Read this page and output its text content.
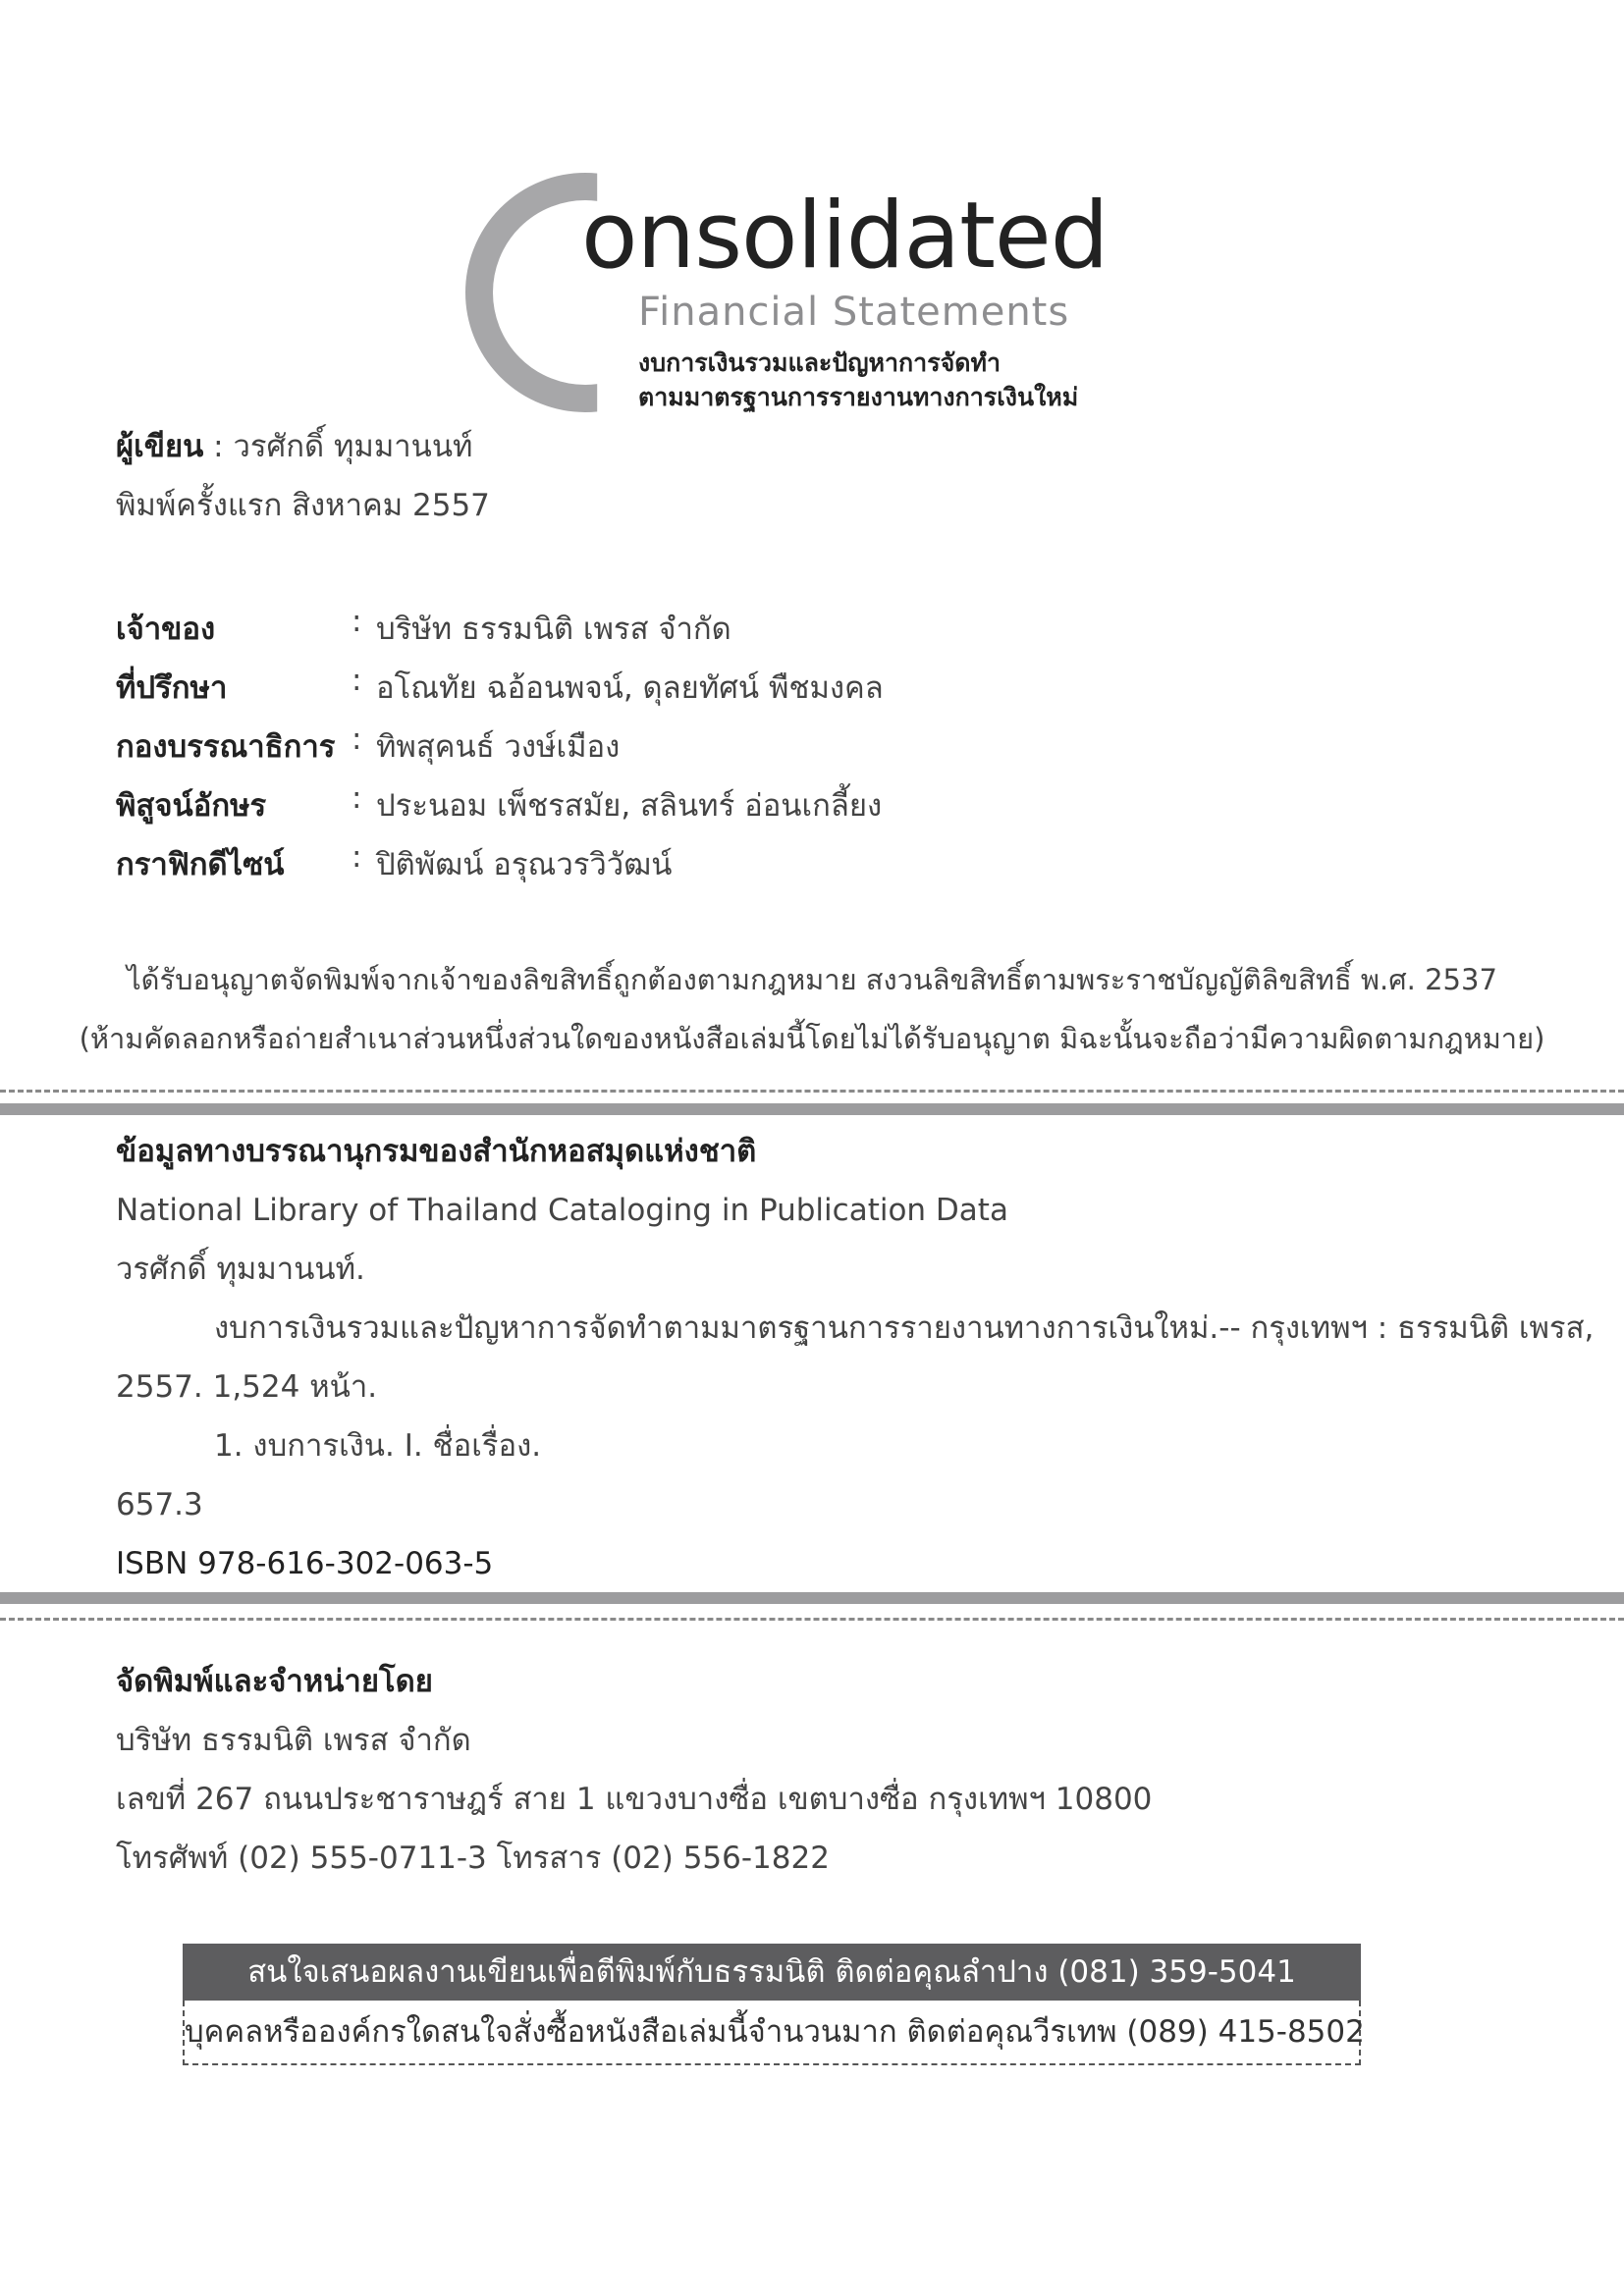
onsolidated
Financial Statements
งบการเงินรวมและปัญหาการจัดทำ
ตามมาตรฐานการรายงานทางการเงินใหม่
ผู้เขียน : วรศักดิ์ ทุมมานนท์
พิมพ์ครั้งแรก สิงหาคม 2557
เจ้าของ	: บริษัท ธรรมนิติ เพรส จำกัด
ที่ปรึกษา	: อโณทัย ฉอ้อนพจน์, ดุลยทัศน์ พืชมงคล
กองบรรณาธิการ : ทิพสุคนธ์ วงษ์เมือง
พิสูจน์อักษร	: ประนอม เพ็ชรสมัย, สลินทร์ อ่อนเกลี้ยง
กราฟิกดีไซน์ : ปิติพัฒน์ อรุณวรวิวัฒน์
ได้รับอนุญาตจัดพิมพ์จากเจ้าของลิขสิทธิ์ถูกต้องตามกฎหมาย สงวนลิขสิทธิ์ตามพระราชบัญญัติลิขสิทธิ์ พ.ศ. 2537
(ห้ามคัดลอกหรือถ่ายสำเนาส่วนหนึ่งส่วนใดของหนังสือเล่มนี้โดยไม่ได้รับอนุญาต มิฉะนั้นจะถือว่ามีความผิดตามกฎหมาย)
ข้อมูลทางบรรณานุกรมของสำนักหอสมุดแห่งชาติ
National Library of Thailand Cataloging in Publication Data
วรศักดิ์ ทุมมานนท์.
งบการเงินรวมและปัญหาการจัดทำตามมาตรฐานการรายงานทางการเงินใหม่.-- กรุงเทพฯ : ธรรมนิติ เพรส,
2557. 1,524 หน้า.
1. งบการเงิน. I. ชื่อเรื่อง.
657.3
ISBN 978-616-302-063-5
จัดพิมพ์และจำหน่ายโดย
บริษัท ธรรมนิติ เพรส จำกัด
เลขที่ 267 ถนนประชาราษฎร์ สาย 1 แขวงบางซื่อ เขตบางซื่อ กรุงเทพฯ 10800
โทรศัพท์ (02) 555-0711-3 โทรสาร (02) 556-1822
สนใจเสนอผลงานเขียนเพื่อตีพิมพ์กับธรรมนิติ ติดต่อคุณลำปาง (081) 359-5041
บุคคลหรือองค์กรใดสนใจสั่งซื้อหนังสือเล่มนี้จำนวนมาก ติดต่อคุณวีรเทพ (089) 415-8502
